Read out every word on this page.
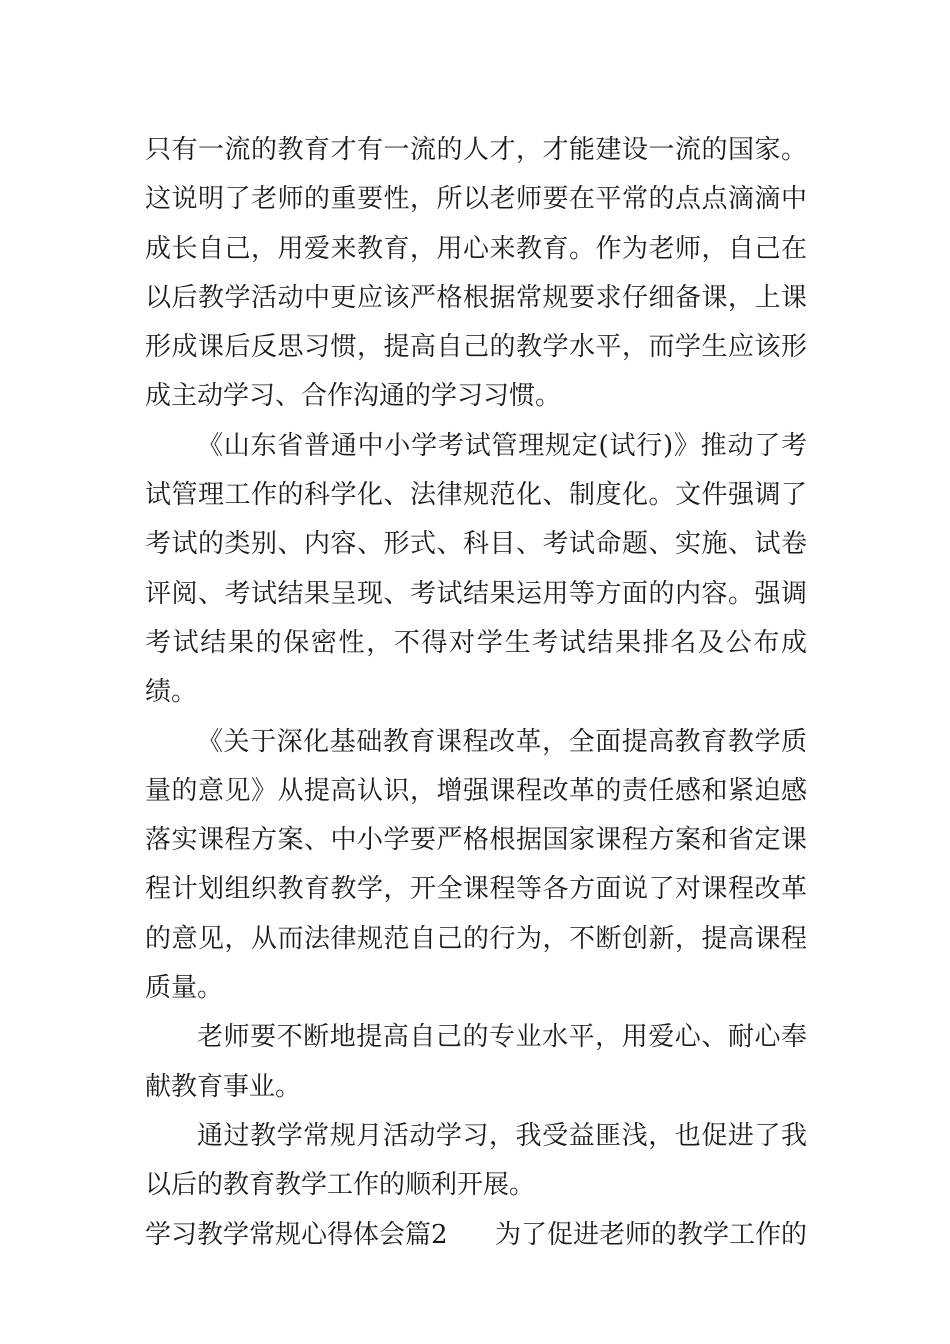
只有一流的教育才有一流的人才，才能建设一流的国家。这说明了老师的重要性，所以老师要在平常的点点滴滴中成长自己，用爱来教育，用心来教育。作为老师，自己在以后教学活动中更应该严格根据常规要求仔细备课，上课形成课后反思习惯，提高自己的教学水平，而学生应该形成主动学习、合作沟通的学习习惯。

《山东省普通中小学考试管理规定(试行)》推动了考试管理工作的科学化、法律规范化、制度化。文件强调了考试的类别、内容、形式、科目、考试命题、实施、试卷评阅、考试结果呈现、考试结果运用等方面的内容。强调考试结果的保密性，不得对学生考试结果排名及公布成绩。

《关于深化基础教育课程改革，全面提高教育教学质量的意见》从提高认识，增强课程改革的责任感和紧迫感落实课程方案、中小学要严格根据国家课程方案和省定课程计划组织教育教学，开全课程等各方面说了对课程改革的意见，从而法律规范自己的行为，不断创新，提高课程质量。

老师要不断地提高自己的专业水平，用爱心、耐心奉献教育事业。

通过教学常规月活动学习，我受益匪浅，也促进了我以后的教育教学工作的顺利开展。

学习教学常规心得体会篇2 为了促进老师的教学工作的
